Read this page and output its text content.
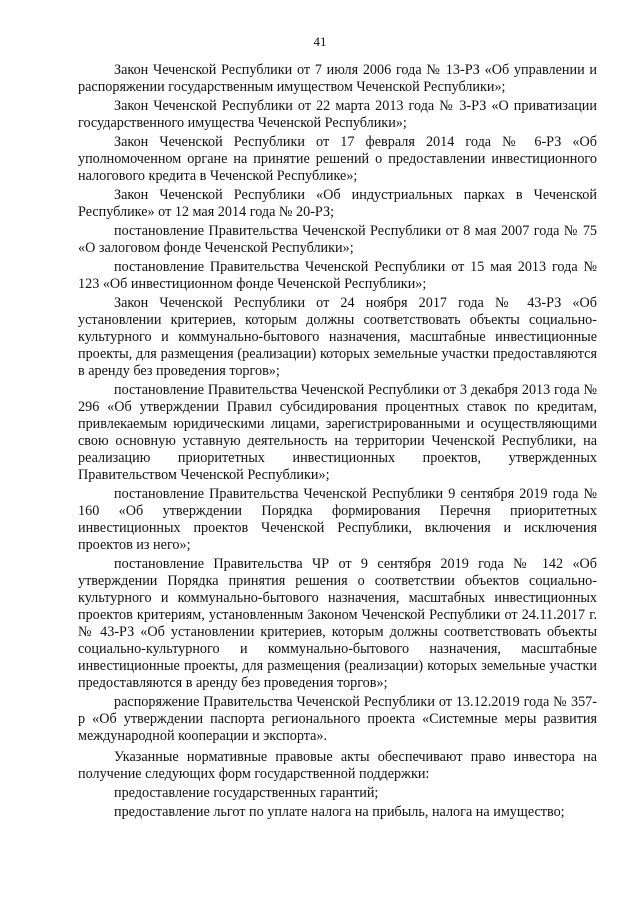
41

Закон Чеченской Республики от 7 июля 2006 года № 13-РЗ «Об управлении и распоряжении государственным имуществом Чеченской Республики»;

Закон Чеченской Республики от 22 марта 2013 года № 3-РЗ «О приватизации государственного имущества Чеченской Республики»;

Закон Чеченской Республики от 17 февраля 2014 года № 6-РЗ «Об уполномоченном органе на принятие решений о предоставлении инвестиционного налогового кредита в Чеченской Республике»;

Закон Чеченской Республики «Об индустриальных парках в Чеченской Республике» от 12 мая 2014 года № 20-РЗ;

постановление Правительства Чеченской Республики от 8 мая 2007 года № 75 «О залоговом фонде Чеченской Республики»;

постановление Правительства Чеченской Республики от 15 мая 2013 года № 123 «Об инвестиционном фонде Чеченской Республики»;

Закон Чеченской Республики от 24 ноября 2017 года № 43-РЗ «Об установлении критериев, которым должны соответствовать объекты социально-культурного и коммунально-бытового назначения, масштабные инвестиционные проекты, для размещения (реализации) которых земельные участки предоставляются в аренду без проведения торгов»;

постановление Правительства Чеченской Республики от 3 декабря 2013 года № 296 «Об утверждении Правил субсидирования процентных ставок по кредитам, привлекаемым юридическими лицами, зарегистрированными и осуществляющими свою основную уставную деятельность на территории Чеченской Республики, на реализацию приоритетных инвестиционных проектов, утвержденных Правительством Чеченской Республики»;

постановление Правительства Чеченской Республики 9 сентября 2019 года № 160 «Об утверждении Порядка формирования Перечня приоритетных инвестиционных проектов Чеченской Республики, включения и исключения проектов из него»;

постановление Правительства ЧР от 9 сентября 2019 года № 142 «Об утверждении Порядка принятия решения о соответствии объектов социально-культурного и коммунально-бытового назначения, масштабных инвестиционных проектов критериям, установленным Законом Чеченской Республики от 24.11.2017 г. № 43-РЗ «Об установлении критериев, которым должны соответствовать объекты социально-культурного и коммунально-бытового назначения, масштабные инвестиционные проекты, для размещения (реализации) которых земельные участки предоставляются в аренду без проведения торгов»;

распоряжение Правительства Чеченской Республики от 13.12.2019 года № 357-р «Об утверждении паспорта регионального проекта «Системные меры развития международной кооперации и экспорта».

Указанные нормативные правовые акты обеспечивают право инвестора на получение следующих форм государственной поддержки:

предоставление государственных гарантий;

предоставление льгот по уплате налога на прибыль, налога на имущество;
